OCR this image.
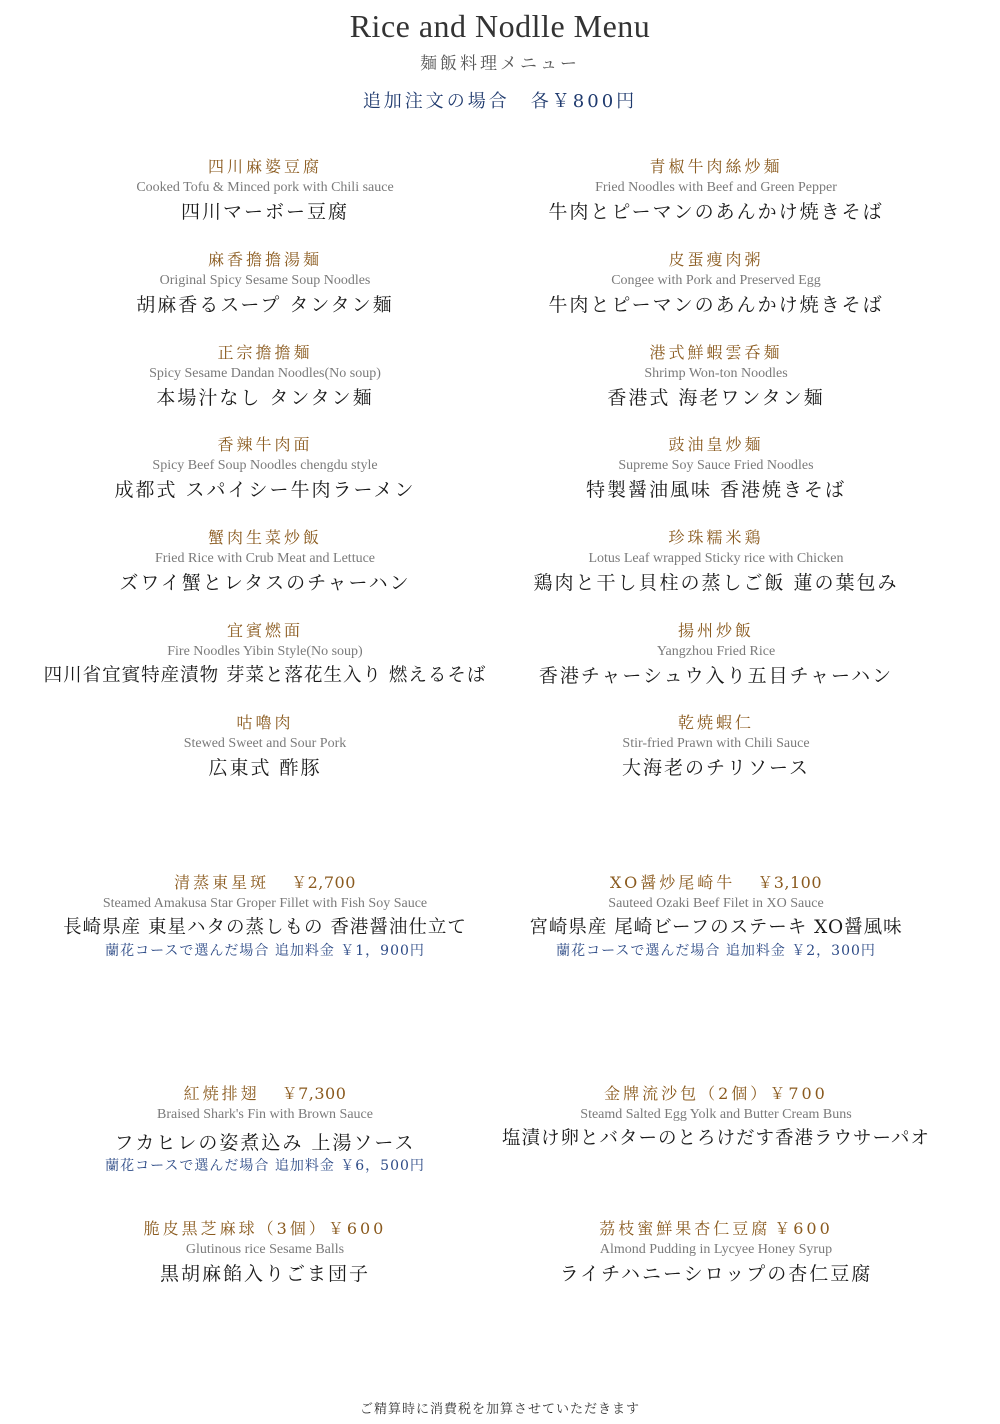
Rice and Nodlle Menu
麺飯料理メニュー
追加注文の場合　各￥800円
四川麻婆豆腐
Cooked Tofu & Minced pork with Chili sauce
四川マーボー豆腐
麻香擔擔湯麺
Original Spicy Sesame Soup Noodles
胡麻香るスープ タンタン麺
正宗擔擔麺
Spicy Sesame Dandan Noodles(No soup)
本場汁なし タンタン麺
香辣牛肉面
Spicy Beef Soup Noodles chengdu style
成都式 スパイシー牛肉ラーメン
蟹肉生菜炒飯
Fried Rice with Crub Meat and Lettuce
ズワイ蟹とレタスのチャーハン
宜賓燃面
Fire Noodles Yibin Style(No soup)
四川省宜賓特産漬物 芽菜と落花生入り 燃えるそば
咕嚕肉
Stewed Sweet and Sour Pork
広東式 酢豚
青椒牛肉絲炒麺
Fried Noodles with Beef and Green Pepper
牛肉とピーマンのあんかけ焼きそば
皮蛋痩肉粥
Congee with Pork and Preserved Egg
牛肉とピーマンのあんかけ焼きそば
港式鮮蝦雲呑麺
Shrimp Won-ton Noodles
香港式 海老ワンタン麺
豉油皇炒麺
Supreme Soy Sauce Fried Noodles
特製醤油風味 香港焼きそば
珍珠糯米鶏
Lotus Leaf wrapped Sticky rice with Chicken
鶏肉と干し貝柱の蒸しご飯 蓮の葉包み
揚州炒飯
Yangzhou Fried Rice
香港チャーシュウ入り五目チャーハン
乾焼蝦仁
Stir-fried Prawn with Chili Sauce
大海老のチリソース
清蒸東星斑 ￥2,700
Steamed Amakusa Star Groper Fillet with Fish Soy Sauce
長崎県産 東星ハタの蒸しもの 香港醤油仕立て
蘭花コースで選んだ場合 追加料金 ￥1，900円
XO醤炒尾崎牛 ￥3,100
Sauteed Ozaki Beef Filet in XO Sauce
宮崎県産 尾崎ビーフのステーキ XO醤風味
蘭花コースで選んだ場合 追加料金 ￥2，300円
紅焼排翅 ￥7,300
Braised Shark's Fin with Brown Sauce
フカヒレの姿煮込み 上湯ソース
蘭花コースで選んだ場合 追加料金 ￥6，500円
金牌流沙包（2個）￥700
Steamd Salted Egg Yolk and Butter Cream Buns
塩漬け卵とバターのとろけだす香港ラウサーパオ
脆皮黒芝麻球（3個）￥600
Glutinous rice Sesame Balls
黒胡麻餡入りごま団子
茘枝蜜鮮果杏仁豆腐 ￥600
Almond Pudding in Lycyee Honey Syrup
ライチハニーシロップの杏仁豆腐
ご精算時に消費税を加算させていただきます
